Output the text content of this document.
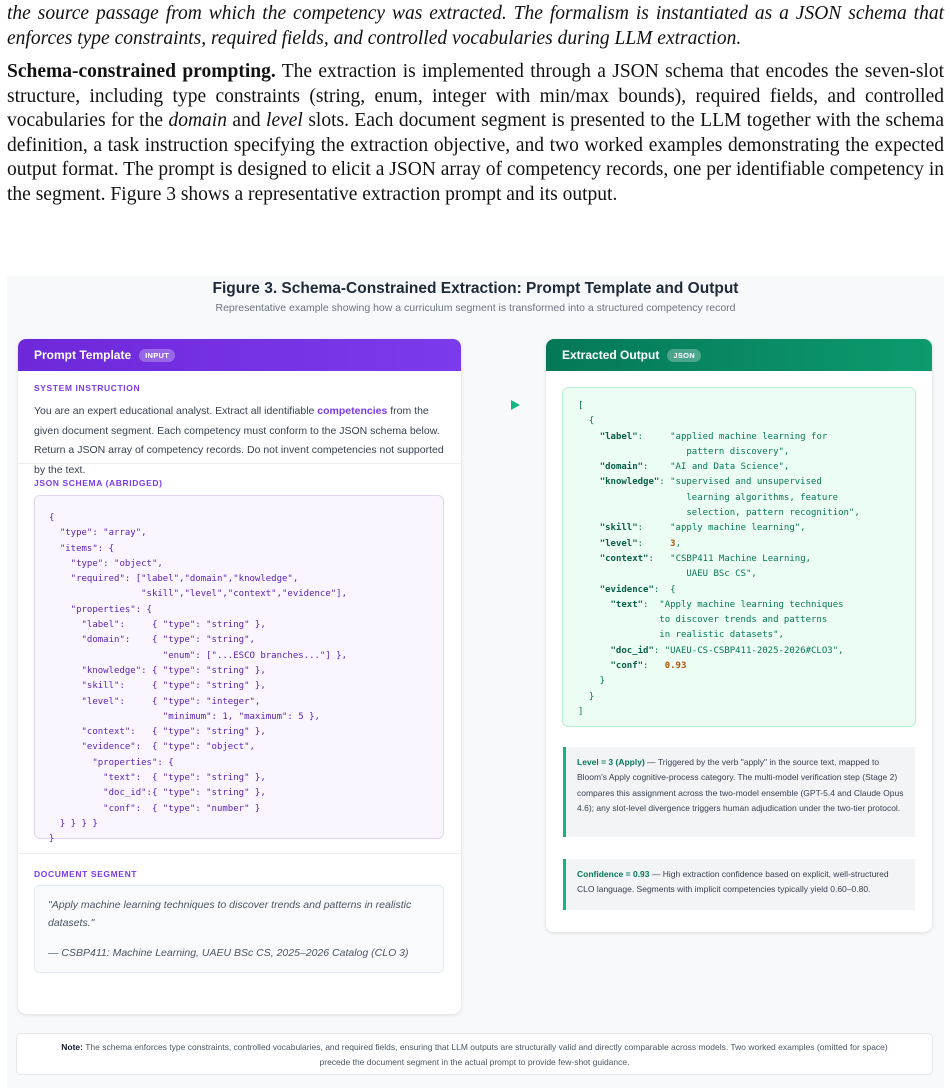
the source passage from which the competency was extracted. The formalism is instantiated as a JSON schema that enforces type constraints, required fields, and controlled vocabularies during LLM extraction.

Schema-constrained prompting. The extraction is implemented through a JSON schema that encodes the seven-slot structure, including type constraints (string, enum, integer with min/max bounds), required fields, and controlled vocabularies for the domain and level slots. Each document segment is presented to the LLM together with the schema definition, a task instruction specifying the extraction objective, and two worked examples demonstrating the expected output format. The prompt is designed to elicit a JSON array of competency records, one per identifiable competency in the segment. Figure 3 shows a representative extraction prompt and its output.

Figure 3. Schema-Constrained Extraction: Prompt Template and Output
Representative example showing how a curriculum segment is transformed into a structured competency record
Prompt Template	INPUT
SYSTEM INSTRUCTION
You are an expert educational analyst. Extract all identifiable competencies from the given document segment. Each competency must conform to the JSON schema below. Return a JSON array of competency records. Do not invent competencies not supported by the text.
JSON SCHEMA (ABRIDGED)
{
"type": "array",
"items": {
"type": "object",
"required": ["label","domain","knowledge",
"skill","level","context","evidence"],
"properties": {
"label":     { "type": "string" },
"domain":    { "type": "string",
"enum": ["...ESCO branches..."] },
"knowledge": { "type": "string" },
"skill":     { "type": "string" },
"level":     { "type": "integer",
"minimum": 1, "maximum": 5 },
"context":   { "type": "string" },
"evidence":  { "type": "object",
"properties": {
"text":  { "type": "string" },
"doc_id":{ "type": "string" },
"conf":  { "type": "number" }
} } } }
}
DOCUMENT SEGMENT
"Apply machine learning techniques to discover trends and patterns in realistic datasets."
— CSBP411: Machine Learning, UAEU BSc CS, 2025–2026 Catalog (CLO 3)
Extracted Output	JSON
[
{
"label":     "applied machine learning for
pattern discovery",
"domain":    "AI and Data Science",
"knowledge": "supervised and unsupervised
learning algorithms, feature
selection, pattern recognition",
"skill":     "apply machine learning",
"level":     3,
"context":   "CSBP411 Machine Learning,
UAEU BSc CS",
"evidence":  {
"text":  "Apply machine learning techniques
to discover trends and patterns
in realistic datasets",
"doc_id": "UAEU-CS-CSBP411-2025-2026#CLO3",
"conf":   0.93
}
}
]
Level = 3 (Apply) — Triggered by the verb "apply" in the source text, mapped to Bloom's Apply cognitive-process category. The multi-model verification step (Stage 2) compares this assignment across the two-model ensemble (GPT-5.4 and Claude Opus 4.6); any slot-level divergence triggers human adjudication under the two-tier protocol.
Confidence = 0.93 — High extraction confidence based on explicit, well-structured CLO language. Segments with implicit competencies typically yield 0.60–0.80.
Note: The schema enforces type constraints, controlled vocabularies, and required fields, ensuring that LLM outputs are structurally valid and directly comparable across models. Two worked examples (omitted for space) precede the document segment in the actual prompt to provide few-shot guidance.
